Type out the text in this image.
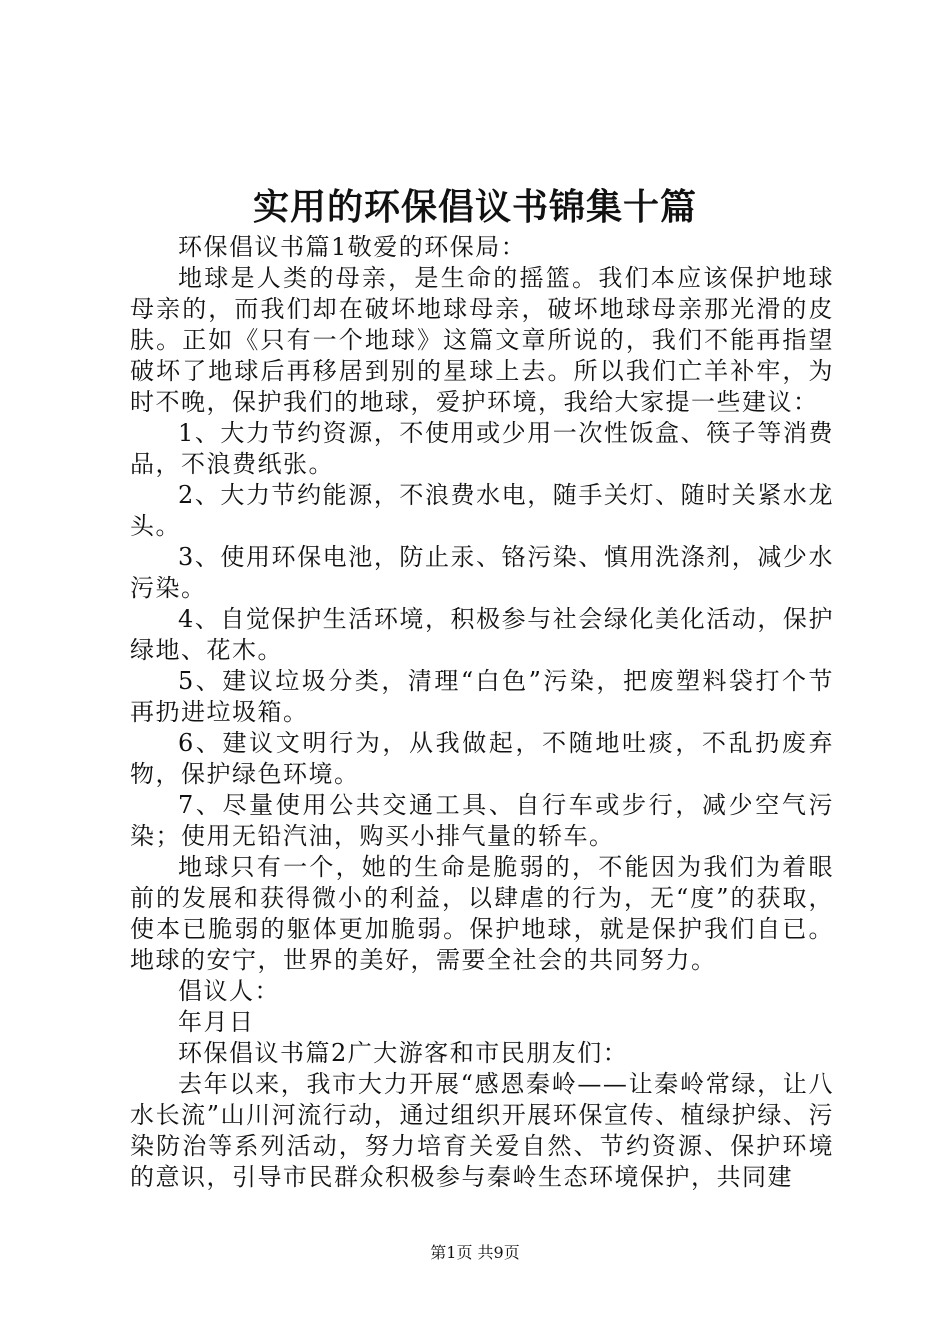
实用的环保倡议书锦集十篇

环保倡议书篇1敬爱的环保局：

地球是人类的母亲，是生命的摇篮。我们本应该保护地球母亲的，而我们却在破坏地球母亲，破坏地球母亲那光滑的皮肤。正如《只有一个地球》这篇文章所说的，我们不能再指望破坏了地球后再移居到别的星球上去。所以我们亡羊补牢，为时不晚，保护我们的地球，爱护环境，我给大家提一些建议：

1、大力节约资源，不使用或少用一次性饭盒、筷子等消费品，不浪费纸张。

2、大力节约能源，不浪费水电，随手关灯、随时关紧水龙头。

3、使用环保电池，防止汞、铬污染、慎用洗涤剂，减少水污染。

4、自觉保护生活环境，积极参与社会绿化美化活动，保护绿地、花木。

5、建议垃圾分类，清理“白色”污染，把废塑料袋打个节再扔进垃圾箱。

6、建议文明行为，从我做起，不随地吐痰，不乱扔废弃物，保护绿色环境。

7、尽量使用公共交通工具、自行车或步行，减少空气污染；使用无铅汽油，购买小排气量的轿车。

地球只有一个，她的生命是脆弱的，不能因为我们为着眼前的发展和获得微小的利益，以肆虐的行为，无“度”的获取，使本已脆弱的躯体更加脆弱。保护地球，就是保护我们自已。地球的安宁，世界的美好，需要全社会的共同努力。

倡议人：

年月日

环保倡议书篇2广大游客和市民朋友们：

去年以来，我市大力开展“感恩秦岭——让秦岭常绿，让八水长流”山川河流行动，通过组织开展环保宣传、植绿护绿、污染防治等系列活动，努力培育关爱自然、节约资源、保护环境的意识，引导市民群众积极参与秦岭生态环境保护，共同建

第1页 共9页
